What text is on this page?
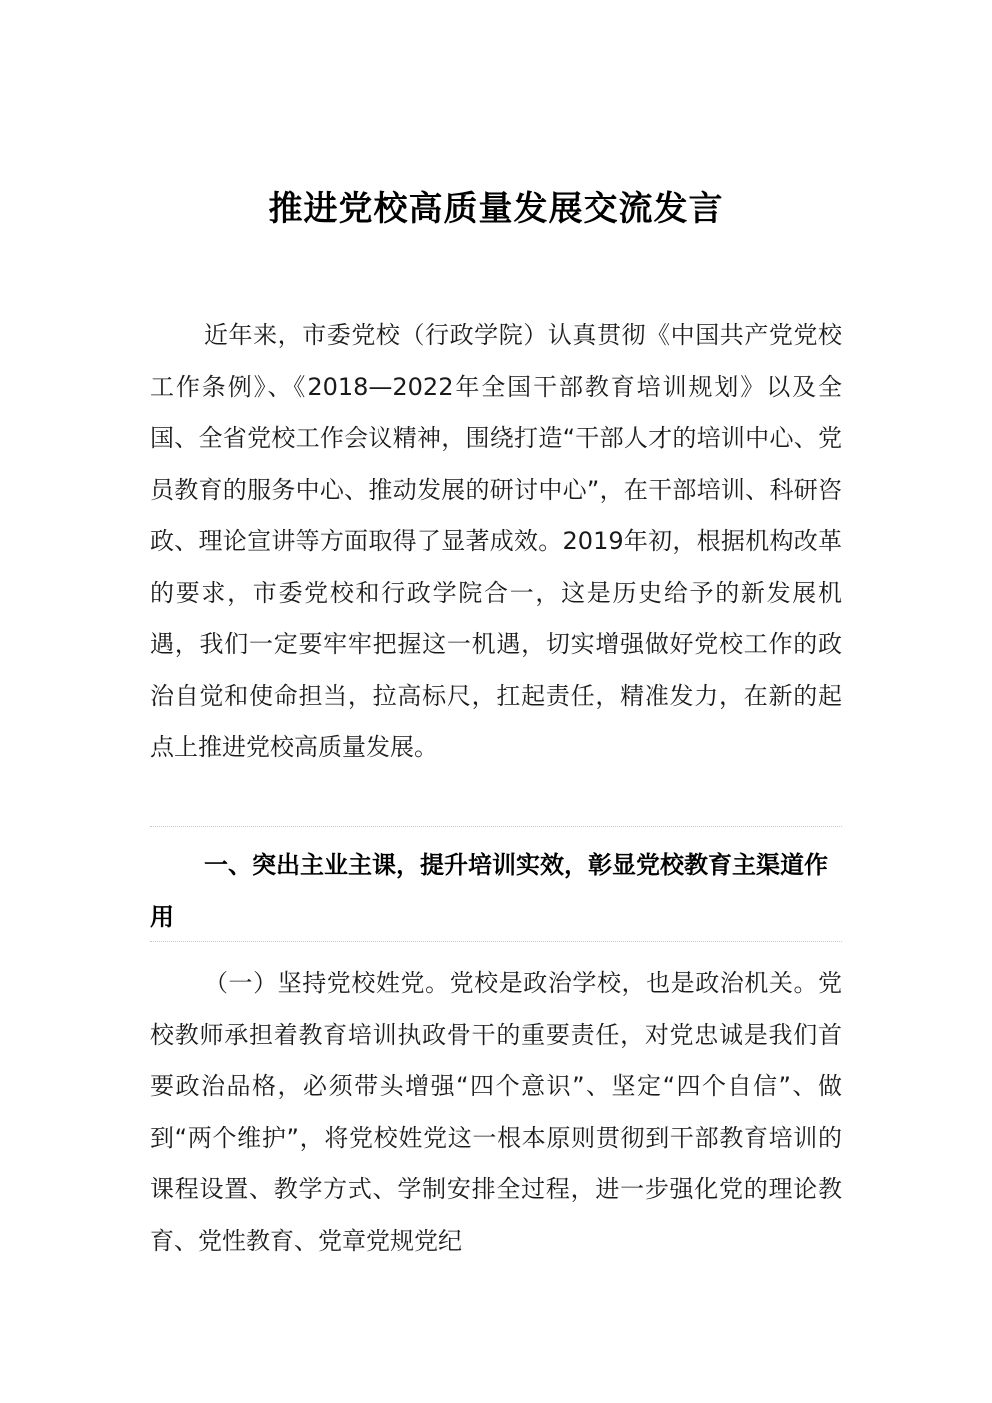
推进党校高质量发展交流发言

近年来，市委党校（行政学院）认真贯彻《中国共产党党校工作条例》、《2018—2022年全国干部教育培训规划》以及全国、全省党校工作会议精神，围绕打造“干部人才的培训中心、党员教育的服务中心、推动发展的研讨中心”，在干部培训、科研咨政、理论宣讲等方面取得了显著成效。2019年初，根据机构改革的要求，市委党校和行政学院合一，这是历史给予的新发展机遇，我们一定要牢牢把握这一机遇，切实增强做好党校工作的政治自觉和使命担当，拉高标尺，扛起责任，精准发力，在新的起点上推进党校高质量发展。

一、突出主业主课，提升培训实效，彰显党校教育主渠道作用

（一）坚持党校姓党。党校是政治学校，也是政治机关。党校教师承担着教育培训执政骨干的重要责任，对党忠诚是我们首要政治品格，必须带头增强“四个意识”、坚定“四个自信”、做到“两个维护”，将党校姓党这一根本原则贯彻到干部教育培训的课程设置、教学方式、学制安排全过程，进一步强化党的理论教育、党性教育、党章党规党纪
